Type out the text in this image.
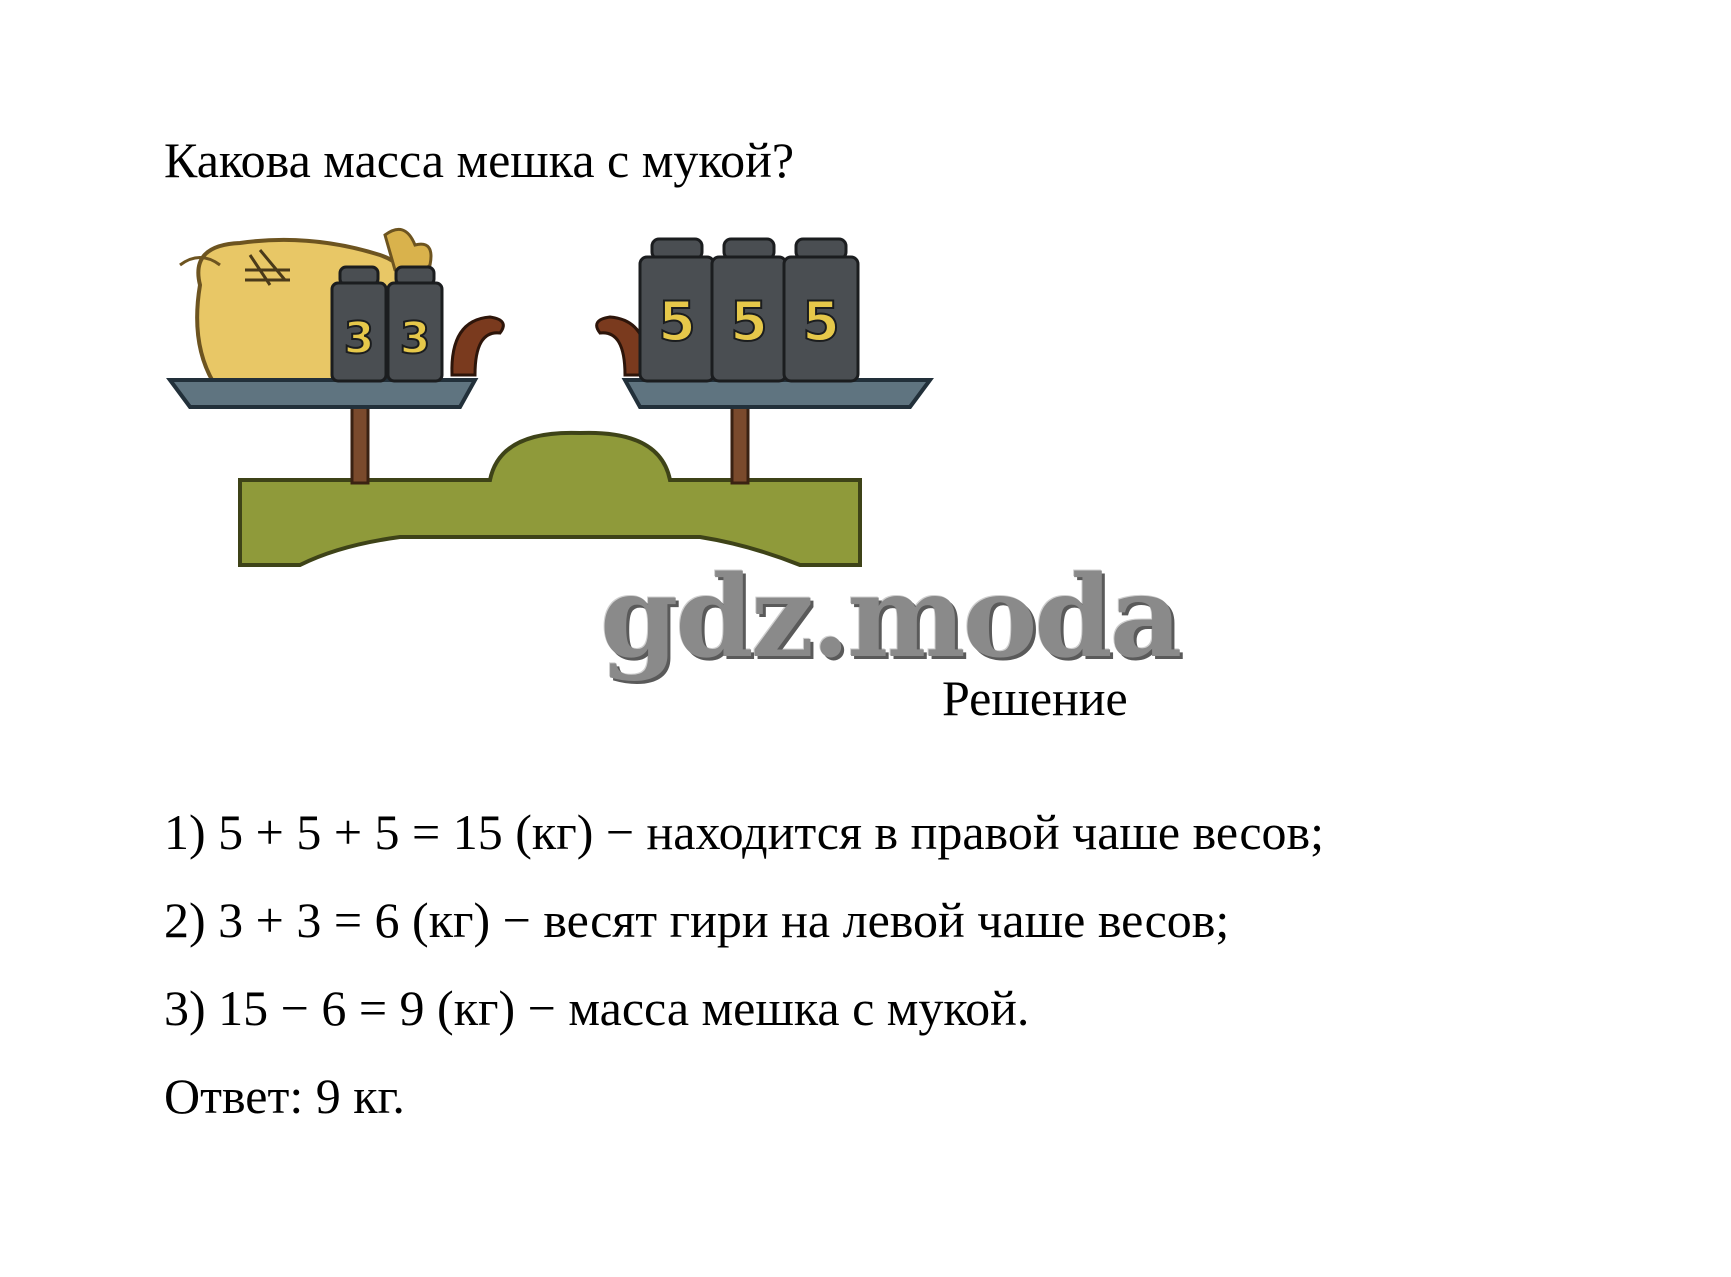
Какова масса мешка с мукой?
3 3	5 5 5
gdz.moda
Решение
1) 5 + 5 + 5 = 15 (кг) − находится в правой чаше весов;
2) 3 + 3 = 6 (кг) − весят гири на левой чаше весов;
3) 15 − 6 = 9 (кг) − масса мешка с мукой.
Ответ: 9 кг.
